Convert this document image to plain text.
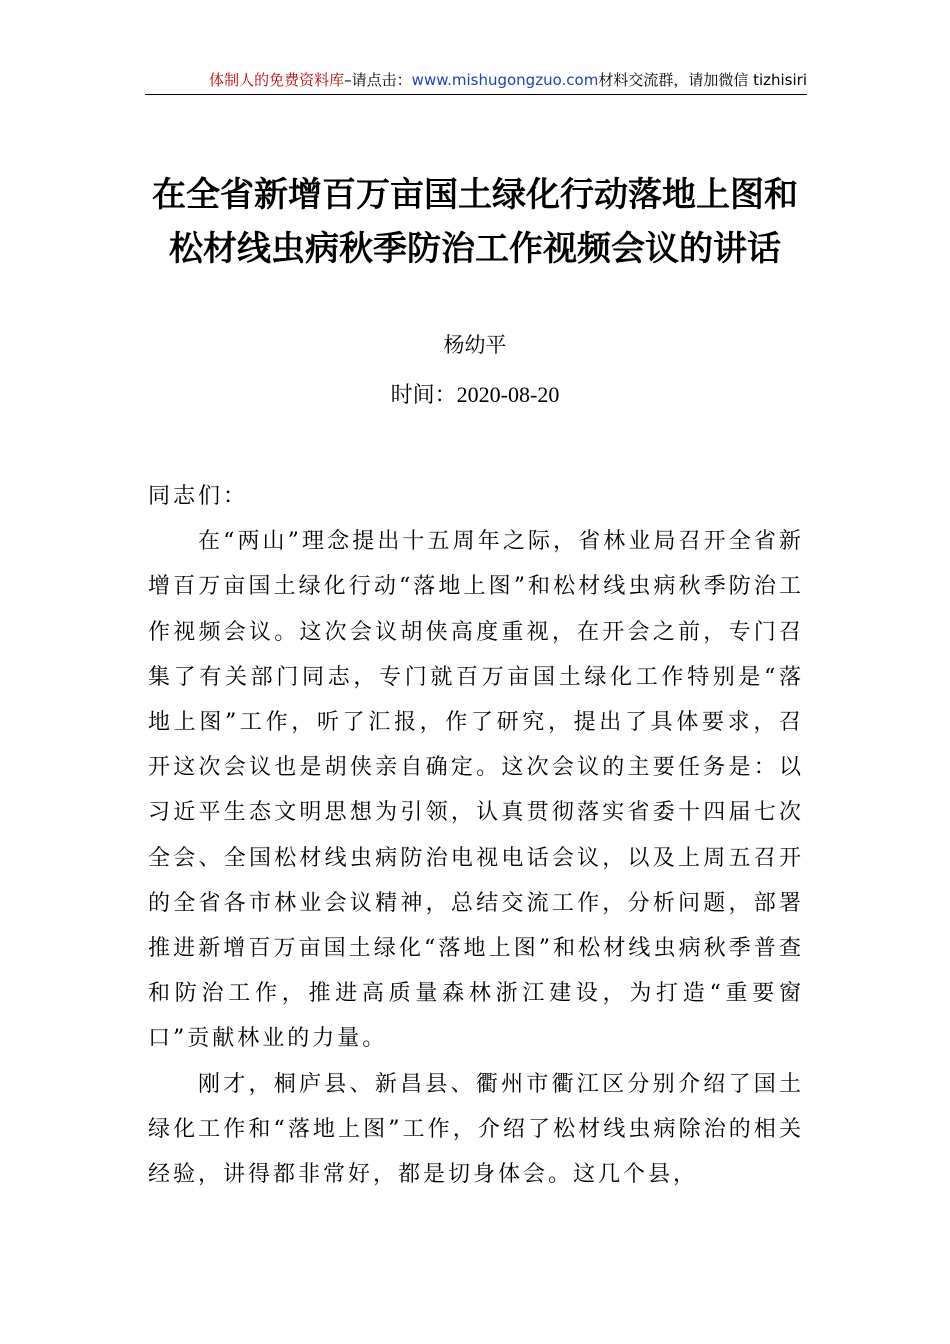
体制人的免费资料库–请点击：www.mishugongzuo.com材料交流群，请加微信 tizhisiri
在全省新增百万亩国土绿化行动落地上图和松材线虫病秋季防治工作视频会议的讲话
杨幼平
时间：2020-08-20

同志们：

在“两山”理念提出十五周年之际，省林业局召开全省新增百万亩国土绿化行动“落地上图”和松材线虫病秋季防治工作视频会议。这次会议胡侠高度重视，在开会之前，专门召集了有关部门同志，专门就百万亩国土绿化工作特别是“落地上图”工作，听了汇报，作了研究，提出了具体要求，召开这次会议也是胡侠亲自确定。这次会议的主要任务是：以习近平生态文明思想为引领，认真贯彻落实省委十四届七次全会、全国松材线虫病防治电视电话会议，以及上周五召开的全省各市林业会议精神，总结交流工作，分析问题，部署推进新增百万亩国土绿化“落地上图”和松材线虫病秋季普查和防治工作，推进高质量森林浙江建设，为打造“重要窗口”贡献林业的力量。

刚才，桐庐县、新昌县、衢州市衢江区分别介绍了国土绿化工作和“落地上图”工作，介绍了松材线虫病除治的相关经验，讲得都非常好，都是切身体会。这几个县，
